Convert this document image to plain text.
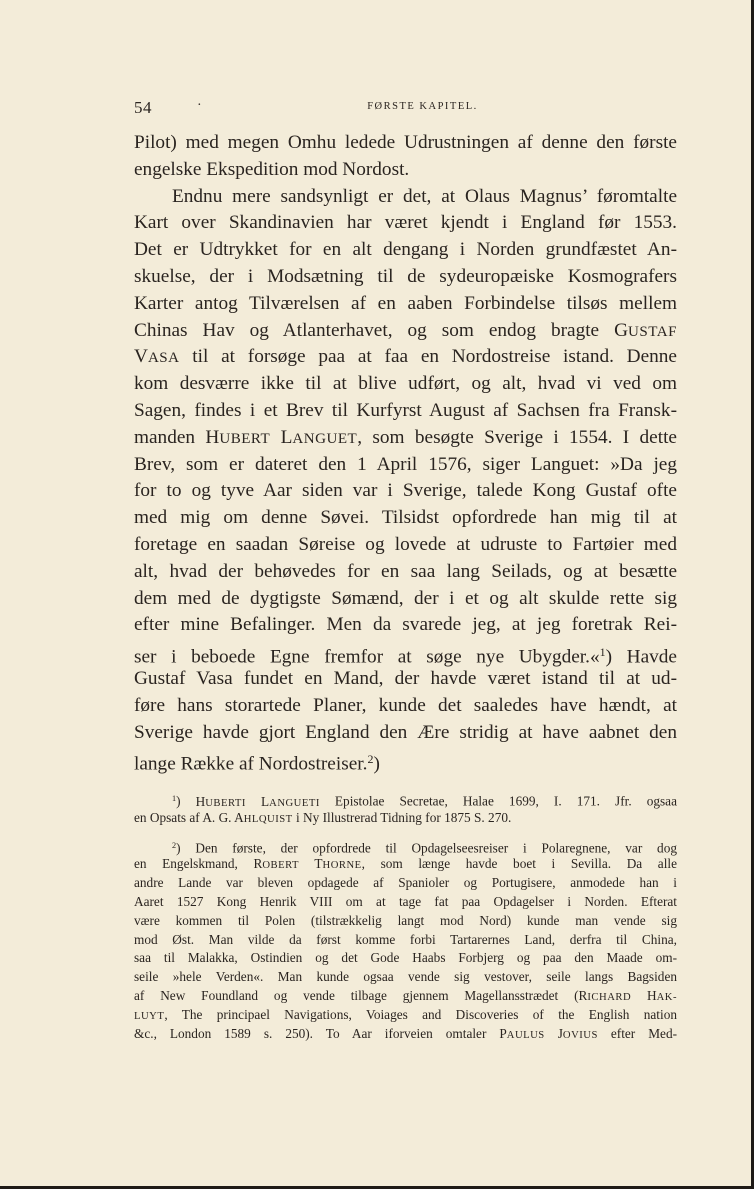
54	·	FØRSTE KAPITEL.
Pilot) med megen Omhu ledede Udrustningen af denne den første
engelske Ekspedition mod Nordost.
Endnu mere sandsynligt er det, at Olaus Magnus’ føromtalte
Kart over Skandinavien har været kjendt i England før 1553.
Det er Udtrykket for en alt dengang i Norden grundfæstet An-
skuelse, der i Modsætning til de sydeuropæiske Kosmografers
Karter antog Tilværelsen af en aaben Forbindelse tilsøs mellem
Chinas Hav og Atlanterhavet, og som endog bragte GUSTAF
VASA til at forsøge paa at faa en Nordostreise istand. Denne
kom desværre ikke til at blive udført, og alt, hvad vi ved om
Sagen, findes i et Brev til Kurfyrst August af Sachsen fra Fransk-
manden HUBERT LANGUET, som besøgte Sverige i 1554. I dette
Brev, som er dateret den 1 April 1576, siger Languet: »Da jeg
for to og tyve Aar siden var i Sverige, talede Kong Gustaf ofte
med mig om denne Søvei. Tilsidst opfordrede han mig til at
foretage en saadan Søreise og lovede at udruste to Fartøier med
alt, hvad der behøvedes for en saa lang Seilads, og at besætte
dem med de dygtigste Sømænd, der i et og alt skulde rette sig
efter mine Befalinger. Men da svarede jeg, at jeg foretrak Rei-
ser i beboede Egne fremfor at søge nye Ubygder.«$^1$) Havde
Gustaf Vasa fundet en Mand, der havde været istand til at ud-
føre hans storartede Planer, kunde det saaledes have hændt, at
Sverige havde gjort England den Ære stridig at have aabnet den
lange Række af Nordostreiser.$^2$)
$^1$) HUBERTI LANGUETI Epistolae Secretae, Halae 1699, I. 171. Jfr. ogsaa
en Opsats af A. G. AHLQUIST i Ny Illustrerad Tidning for 1875 S. 270.
$^2$) Den første, der opfordrede til Opdagelseesreiser i Polaregnene, var dog
en Engelskmand, ROBERT THORNE, som længe havde boet i Sevilla. Da alle
andre Lande var bleven opdagede af Spanioler og Portugisere, anmodede han i
Aaret 1527 Kong Henrik VIII om at tage fat paa Opdagelser i Norden. Efterat
være kommen til Polen (tilstrækkelig langt mod Nord) kunde man vende sig
mod Øst. Man vilde da først komme forbi Tartarernes Land, derfra til China,
saa til Malakka, Ostindien og det Gode Haabs Forbjerg og paa den Maade om-
seile »hele Verden«. Man kunde ogsaa vende sig vestover, seile langs Bagsiden
af New Foundland og vende tilbage gjennem Magellansstrædet (RICHARD HAK-
LUYT, The principael Navigations, Voiages and Discoveries of the English nation
&c., London 1589 s. 250). To Aar iforveien omtaler PAULUS JOVIUS efter Med-
